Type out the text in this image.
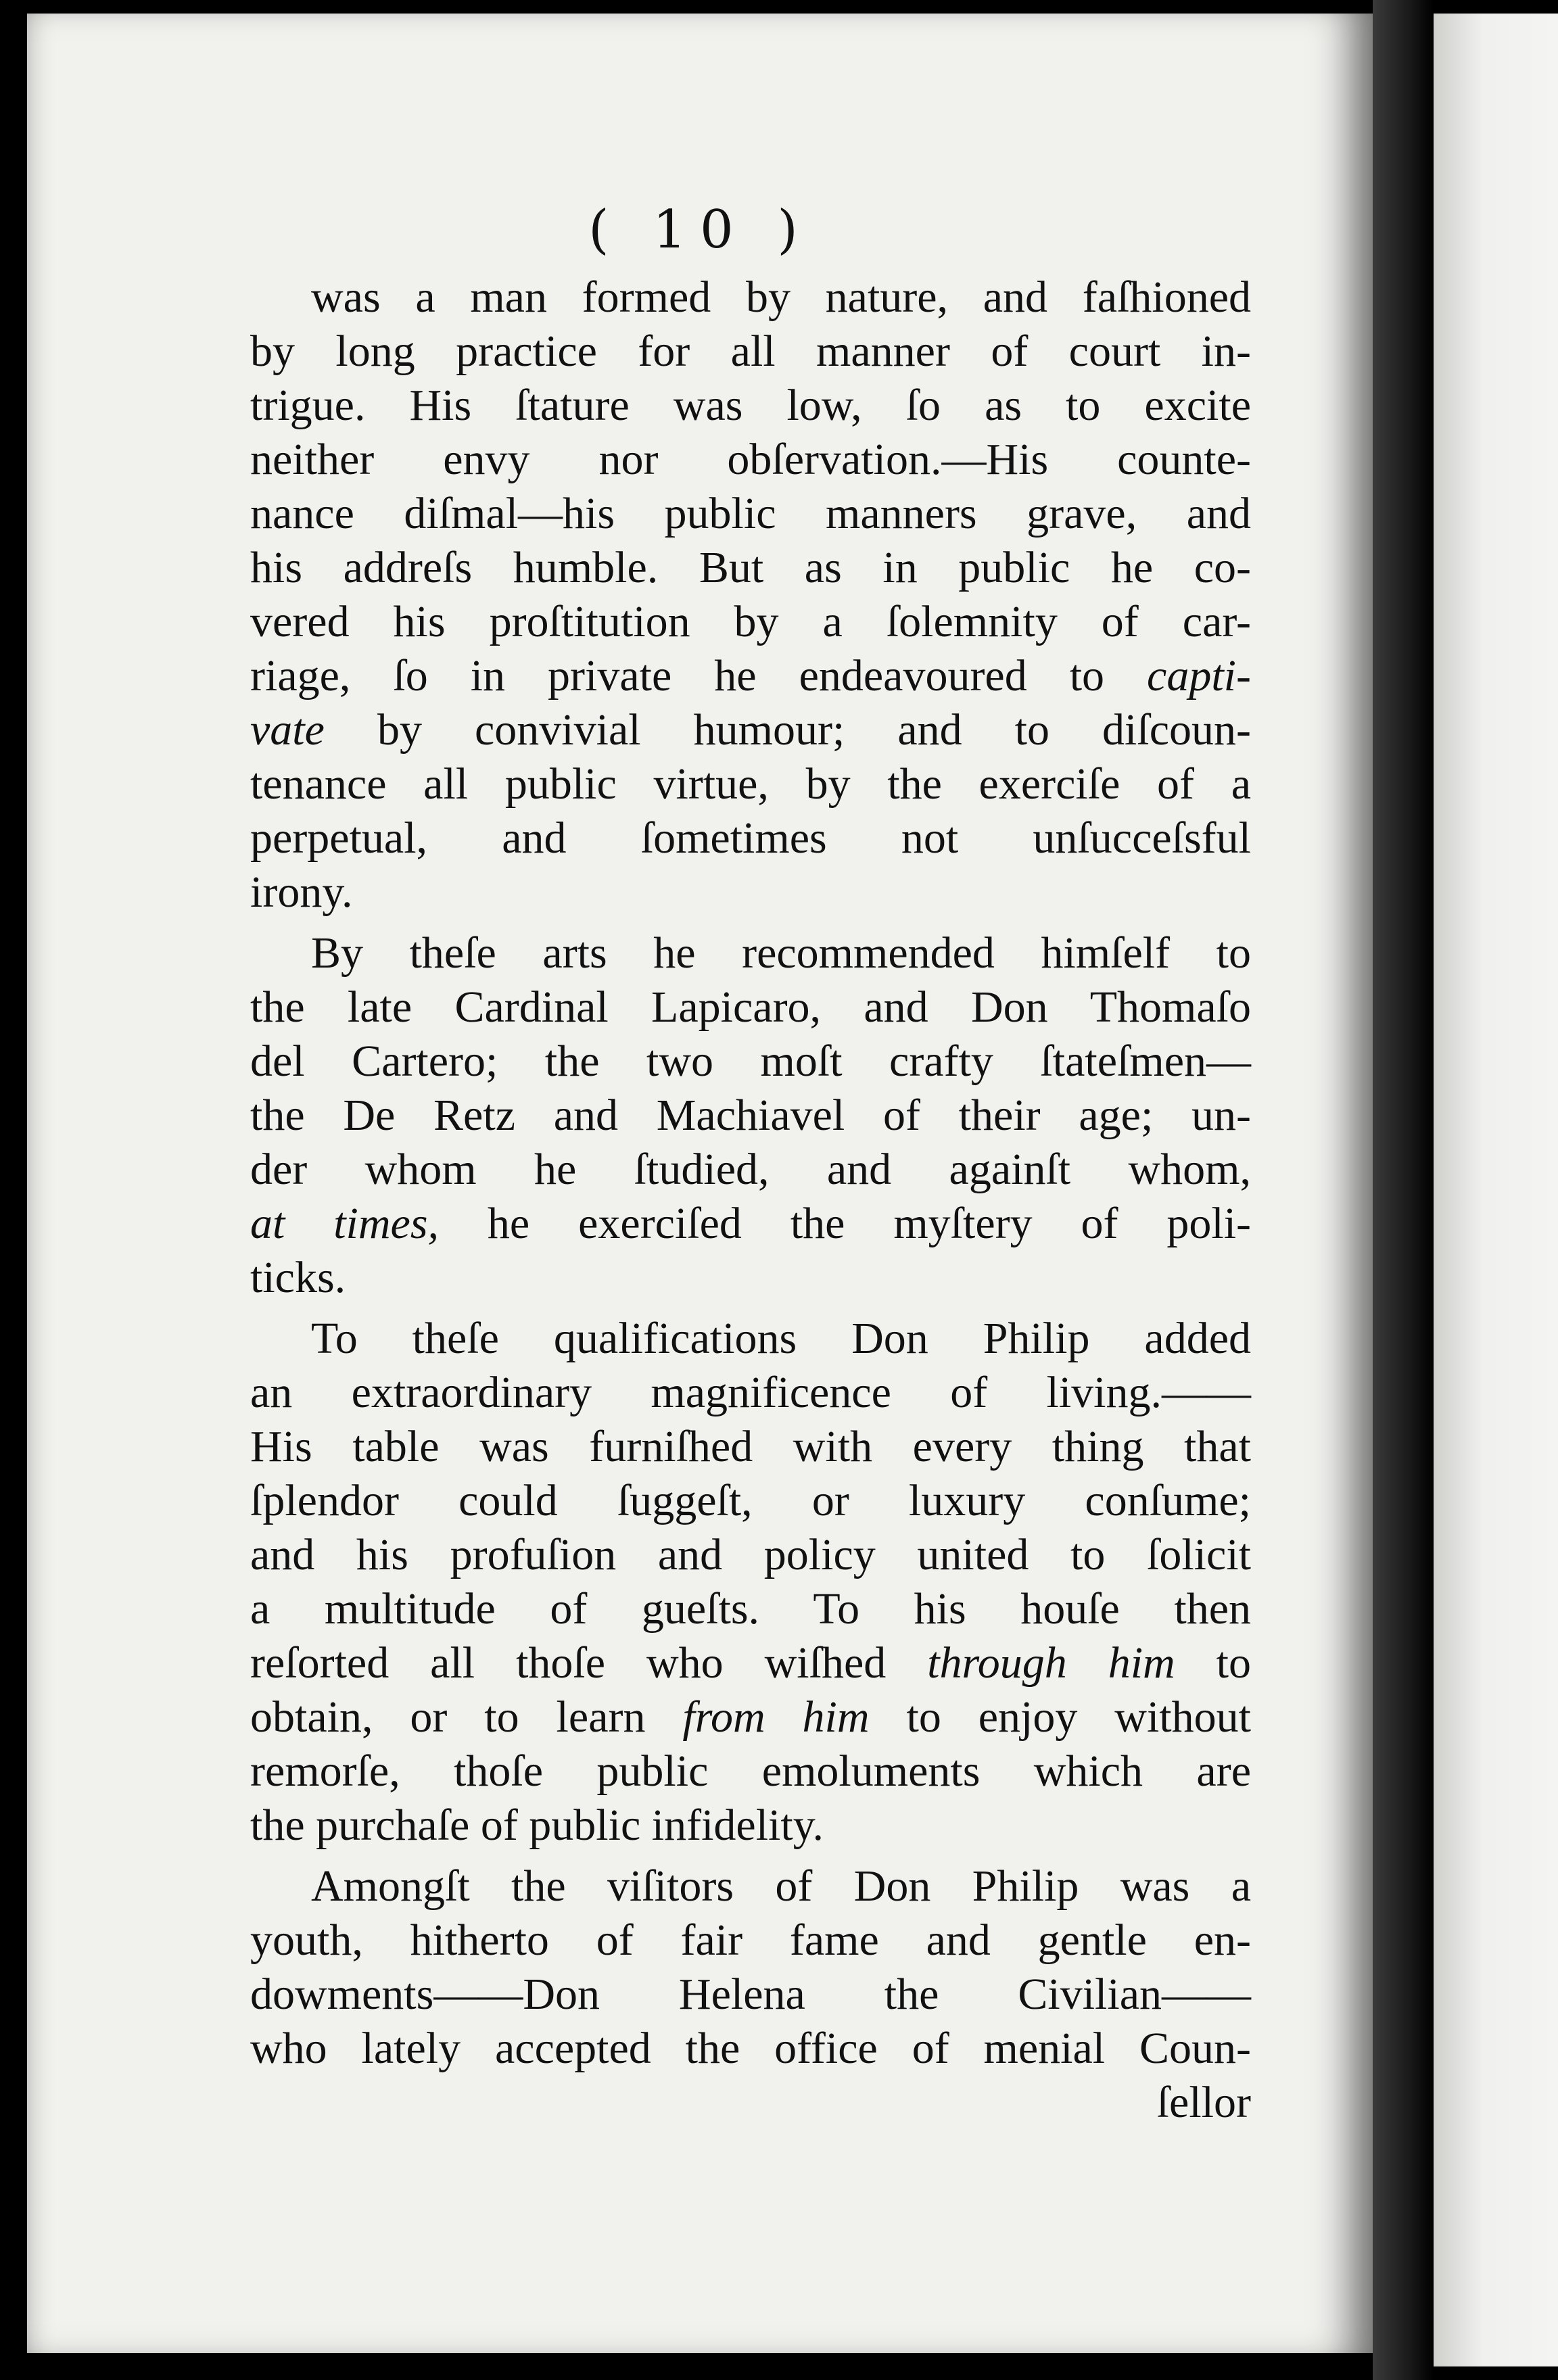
( 10 )
was a man formed by nature, and faſhioned
by long practice for all manner of court in-
trigue. His ſtature was low, ſo as to excite
neither envy nor obſervation.—His counte-
nance diſmal—his public manners grave, and
his addreſs humble. But as in public he co-
vered his proſtitution by a ſolemnity of car-
riage, ſo in private he endeavoured to capti-
vate by convivial humour; and to diſcoun-
tenance all public virtue, by the exerciſe of a
perpetual, and ſometimes not unſucceſsful
irony.
By theſe arts he recommended himſelf to
the late Cardinal Lapicaro, and Don Thomaſo
del Cartero; the two moſt crafty ſtateſmen—
the De Retz and Machiavel of their age; un-
der whom he ſtudied, and againſt whom,
at times, he exerciſed the myſtery of poli-
ticks.
To theſe qualifications Don Philip added
an extraordinary magnificence of living.——
His table was furniſhed with every thing that
ſplendor could ſuggeſt, or luxury conſume;
and his profuſion and policy united to ſolicit
a multitude of gueſts. To his houſe then
reſorted all thoſe who wiſhed through him to
obtain, or to learn from him to enjoy without
remorſe, thoſe public emoluments which are
the purchaſe of public infidelity.
Amongſt the viſitors of Don Philip was a
youth, hitherto of fair fame and gentle en-
dowments——Don Helena the Civilian——
who lately accepted the office of menial Coun-
ſellor
